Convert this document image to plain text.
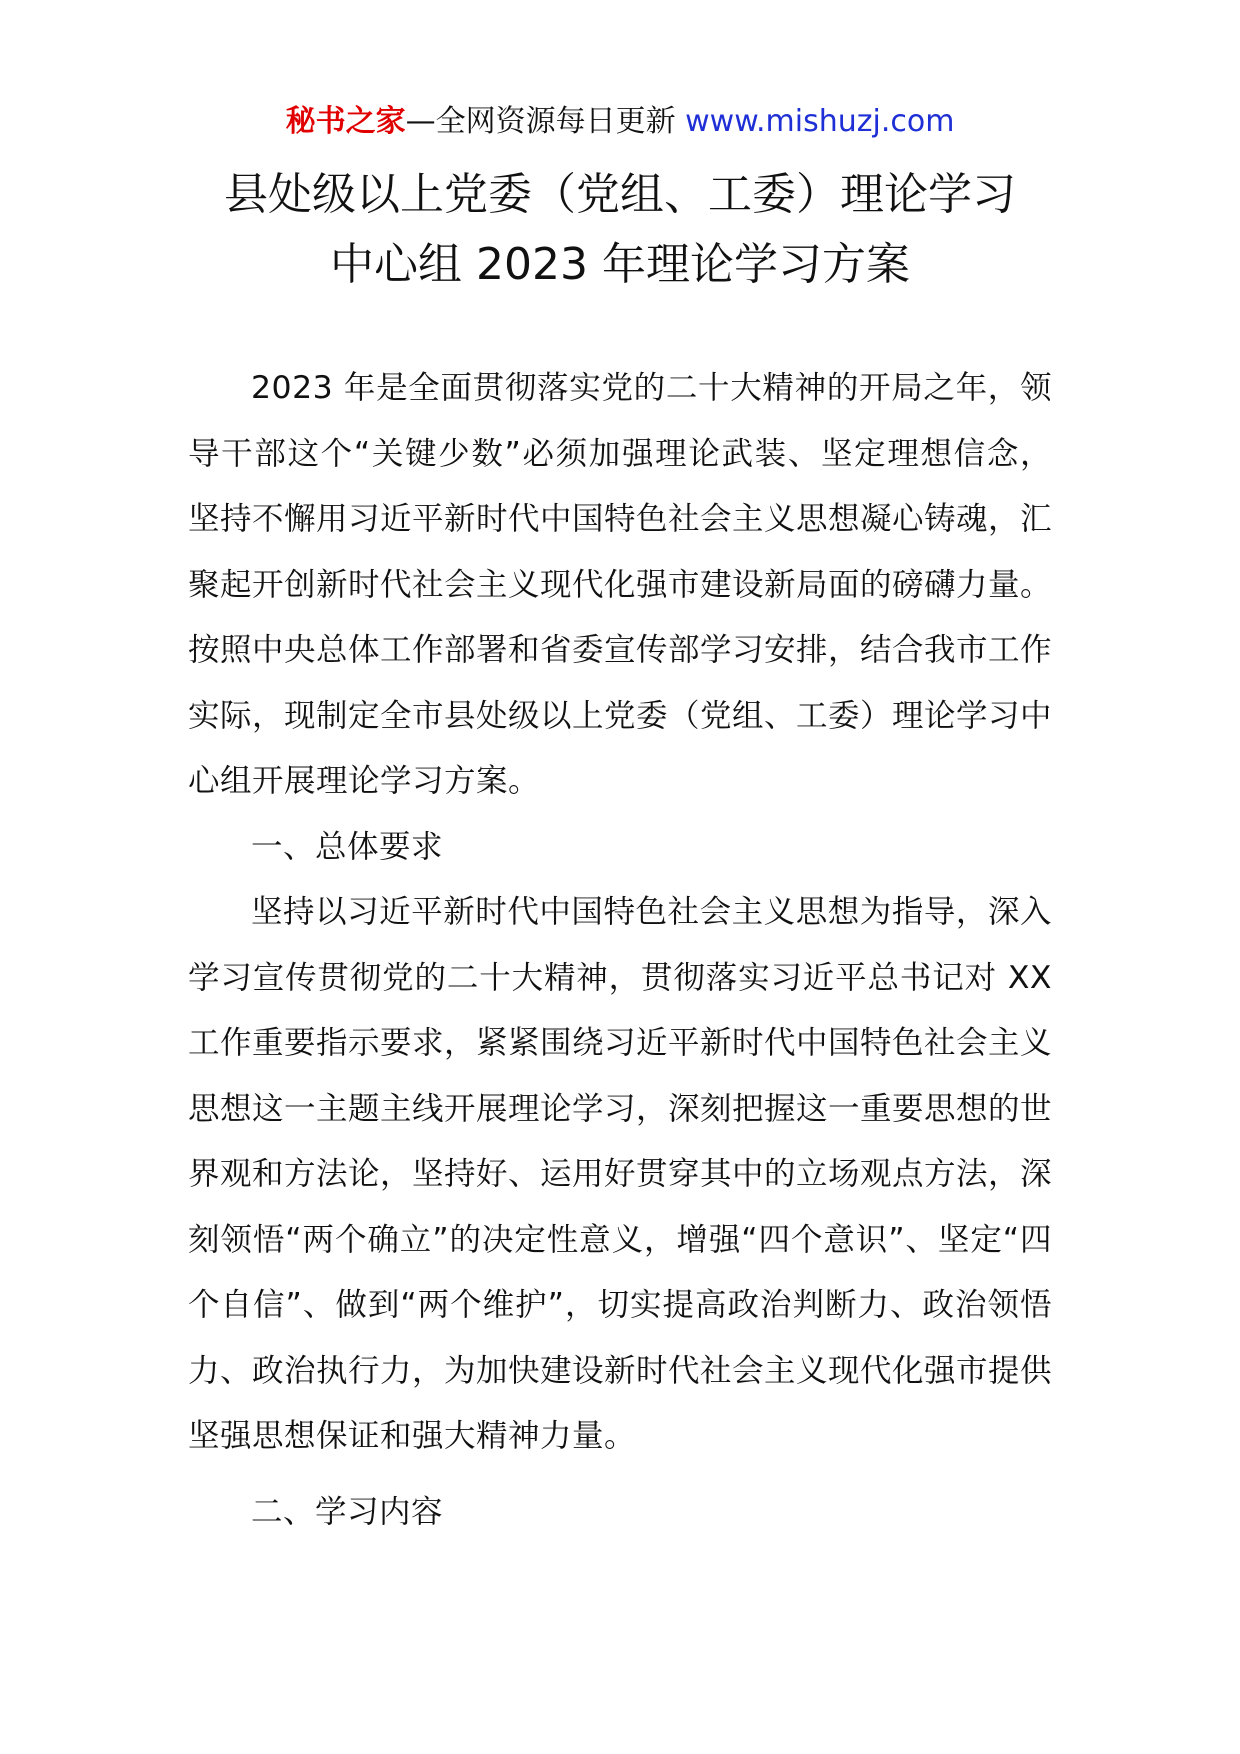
秘书之家—全网资源每日更新 www.mishuzj.com
县处级以上党委（党组、工委）理论学习
中心组 2023 年理论学习方案

2023 年是全面贯彻落实党的二十大精神的开局之年，领导干部这个“关键少数”必须加强理论武装、坚定理想信念，坚持不懈用习近平新时代中国特色社会主义思想凝心铸魂，汇聚起开创新时代社会主义现代化强市建设新局面的磅礴力量。按照中央总体工作部署和省委宣传部学习安排，结合我市工作实际，现制定全市县处级以上党委（党组、工委）理论学习中心组开展理论学习方案。

一、总体要求

坚持以习近平新时代中国特色社会主义思想为指导，深入学习宣传贯彻党的二十大精神，贯彻落实习近平总书记对 XX 工作重要指示要求，紧紧围绕习近平新时代中国特色社会主义思想这一主题主线开展理论学习，深刻把握这一重要思想的世界观和方法论，坚持好、运用好贯穿其中的立场观点方法，深刻领悟“两个确立”的决定性意义，增强“四个意识”、坚定“四个自信”、做到“两个维护”，切实提高政治判断力、政治领悟力、政治执行力，为加快建设新时代社会主义现代化强市提供坚强思想保证和强大精神力量。

二、学习内容
